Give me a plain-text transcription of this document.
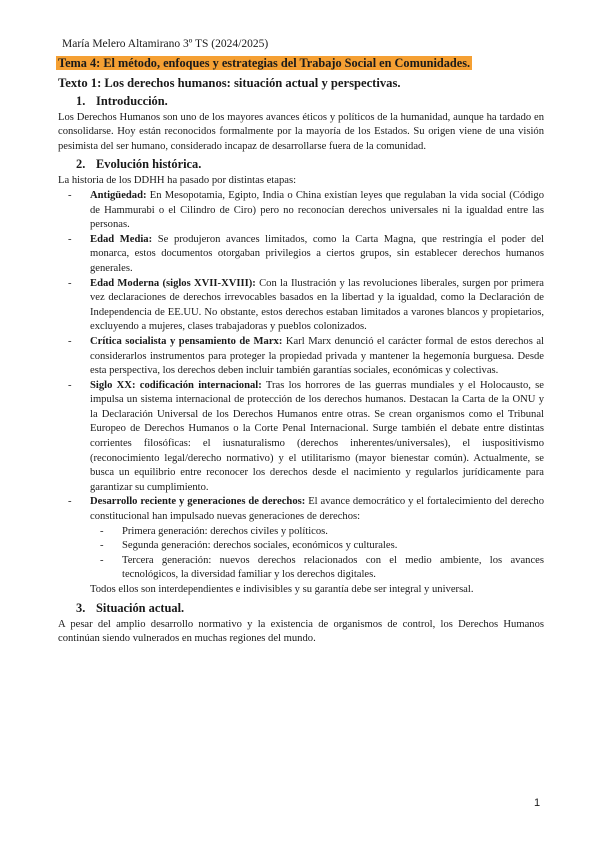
María Melero Altamirano 3º TS (2024/2025)
Tema 4: El método, enfoques y estrategias del Trabajo Social en Comunidades.
Texto 1: Los derechos humanos: situación actual y perspectivas.
1. Introducción.

Los Derechos Humanos son uno de los mayores avances éticos y políticos de la humanidad, aunque ha tardado en consolidarse. Hoy están reconocidos formalmente por la mayoría de los Estados. Su origen viene de una visión pesimista del ser humano, considerado incapaz de desarrollarse fuera de la comunidad.

2. Evolución histórica.

La historia de los DDHH ha pasado por distintas etapas:

- Antigüedad: En Mesopotamia, Egipto, India o China existían leyes que regulaban la vida social (Código de Hammurabi o el Cilindro de Ciro) pero no reconocían derechos universales ni la igualdad entre las personas.
- Edad Media: Se produjeron avances limitados, como la Carta Magna, que restringía el poder del monarca, estos documentos otorgaban privilegios a ciertos grupos, sin establecer derechos humanos generales.
- Edad Moderna (siglos XVII-XVIII): Con la Ilustración y las revoluciones liberales, surgen por primera vez declaraciones de derechos irrevocables basados en la libertad y la igualdad, como la Declaración de Independencia de EE.UU. No obstante, estos derechos estaban limitados a varones blancos y propietarios, excluyendo a mujeres, clases trabajadoras y pueblos colonizados.
- Crítica socialista y pensamiento de Marx: Karl Marx denunció el carácter formal de estos derechos al considerarlos instrumentos para proteger la propiedad privada y mantener la hegemonía burguesa. Desde esta perspectiva, los derechos deben incluir también garantías sociales, económicas y colectivas.
- Siglo XX: codificación internacional: Tras los horrores de las guerras mundiales y el Holocausto, se impulsa un sistema internacional de protección de los derechos humanos. Destacan la Carta de la ONU y la Declaración Universal de los Derechos Humanos entre otras. Se crean organismos como el Tribunal Europeo de Derechos Humanos o la Corte Penal Internacional. Surge también el debate entre distintas corrientes filosóficas: el iusnaturalismo (derechos inherentes/universales), el iuspositivismo (reconocimiento legal/derecho normativo) y el utilitarismo (mayor bienestar común). Actualmente, se busca un equilibrio entre reconocer los derechos desde el nacimiento y regularlos jurídicamente para garantizar su cumplimiento.
- Desarrollo reciente y generaciones de derechos: El avance democrático y el fortalecimiento del derecho constitucional han impulsado nuevas generaciones de derechos:
- Primera generación: derechos civiles y políticos.
- Segunda generación: derechos sociales, económicos y culturales.
- Tercera generación: nuevos derechos relacionados con el medio ambiente, los avances tecnológicos, la diversidad familiar y los derechos digitales.
Todos ellos son interdependientes e indivisibles y su garantía debe ser integral y universal.
3. Situación actual.

A pesar del amplio desarrollo normativo y la existencia de organismos de control, los Derechos Humanos continúan siendo vulnerados en muchas regiones del mundo.

1
